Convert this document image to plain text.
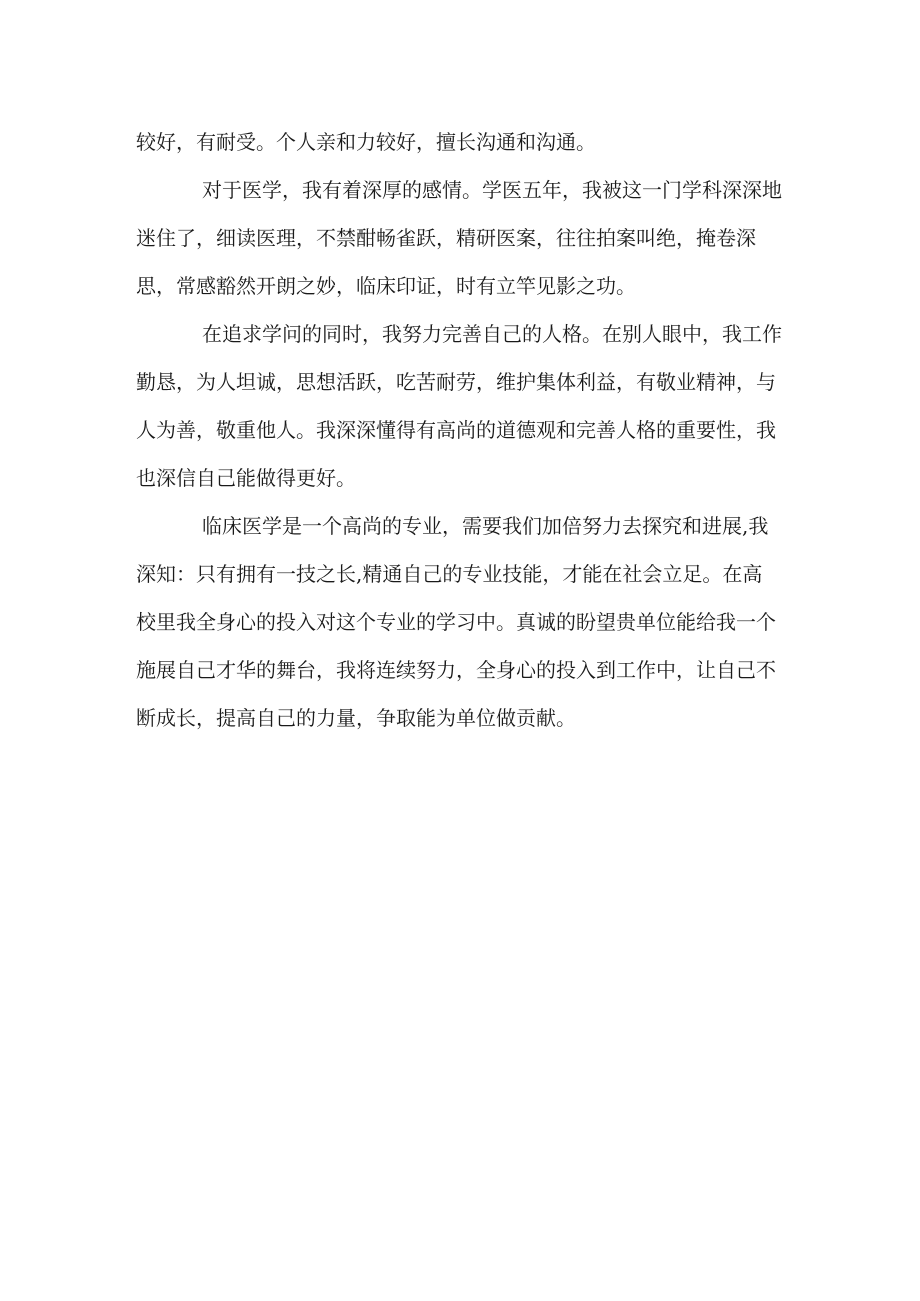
较好，有耐受。个人亲和力较好，擅长沟通和沟通。
对于医学，我有着深厚的感情。学医五年，我被这一门学科深深地
迷住了，细读医理，不禁酣畅雀跃，精研医案，往往拍案叫绝，掩卷深
思，常感豁然开朗之妙，临床印证，时有立竿见影之功。
在追求学问的同时，我努力完善自己的人格。在别人眼中，我工作
勤恳，为人坦诚，思想活跃，吃苦耐劳，维护集体利益，有敬业精神，与
人为善，敬重他人。我深深懂得有高尚的道德观和完善人格的重要性，我
也深信自己能做得更好。
临床医学是一个高尚的专业，需要我们加倍努力去探究和进展,我
深知：只有拥有一技之长,精通自己的专业技能，才能在社会立足。在高
校里我全身心的投入对这个专业的学习中。真诚的盼望贵单位能给我一个
施展自己才华的舞台，我将连续努力，全身心的投入到工作中，让自己不
断成长，提高自己的力量，争取能为单位做贡献。
